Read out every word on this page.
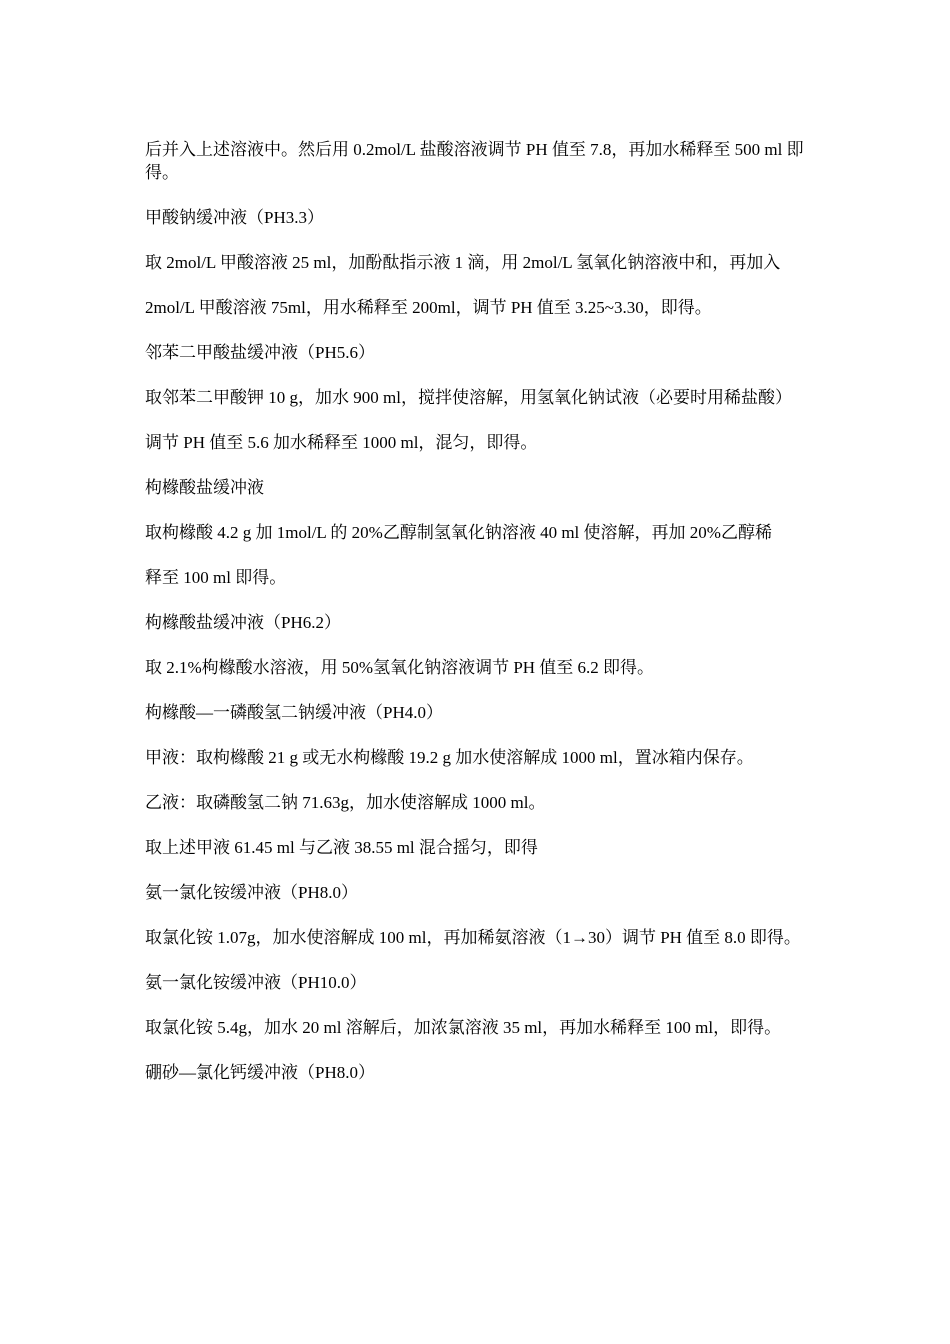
后并入上述溶液中。然后用 0.2mol/L 盐酸溶液调节 PH 值至 7.8，再加水稀释至 500 ml 即得。

甲酸钠缓冲液（PH3.3）

取 2mol/L 甲酸溶液 25 ml，加酚酞指示液 1 滴，用 2mol/L 氢氧化钠溶液中和，再加入

2mol/L 甲酸溶液 75ml，用水稀释至 200ml，调节 PH 值至 3.25~3.30，即得。

邻苯二甲酸盐缓冲液（PH5.6）

取邻苯二甲酸钾 10 g，加水 900 ml，搅拌使溶解，用氢氧化钠试液（必要时用稀盐酸）

调节 PH 值至 5.6 加水稀释至 1000 ml，混匀，即得。

枸橼酸盐缓冲液

取枸橼酸 4.2 g 加 1mol/L 的 20%乙醇制氢氧化钠溶液 40 ml 使溶解，再加 20%乙醇稀

释至 100 ml 即得。

枸橼酸盐缓冲液（PH6.2）

取 2.1%枸橼酸水溶液，用 50%氢氧化钠溶液调节 PH 值至 6.2 即得。

枸橼酸—一磷酸氢二钠缓冲液（PH4.0）

甲液：取枸橼酸 21 g 或无水枸橼酸 19.2 g 加水使溶解成 1000 ml，置冰箱内保存。

乙液：取磷酸氢二钠 71.63g，加水使溶解成 1000 ml。

取上述甲液 61.45 ml 与乙液 38.55 ml 混合摇匀，即得

氨一氯化铵缓冲液（PH8.0）

取氯化铵 1.07g，加水使溶解成 100 ml，再加稀氨溶液（1→30）调节 PH 值至 8.0 即得。

氨一氯化铵缓冲液（PH10.0）

取氯化铵 5.4g，加水 20 ml 溶解后，加浓氯溶液 35 ml，再加水稀释至 100 ml，即得。

硼砂—氯化钙缓冲液（PH8.0）
